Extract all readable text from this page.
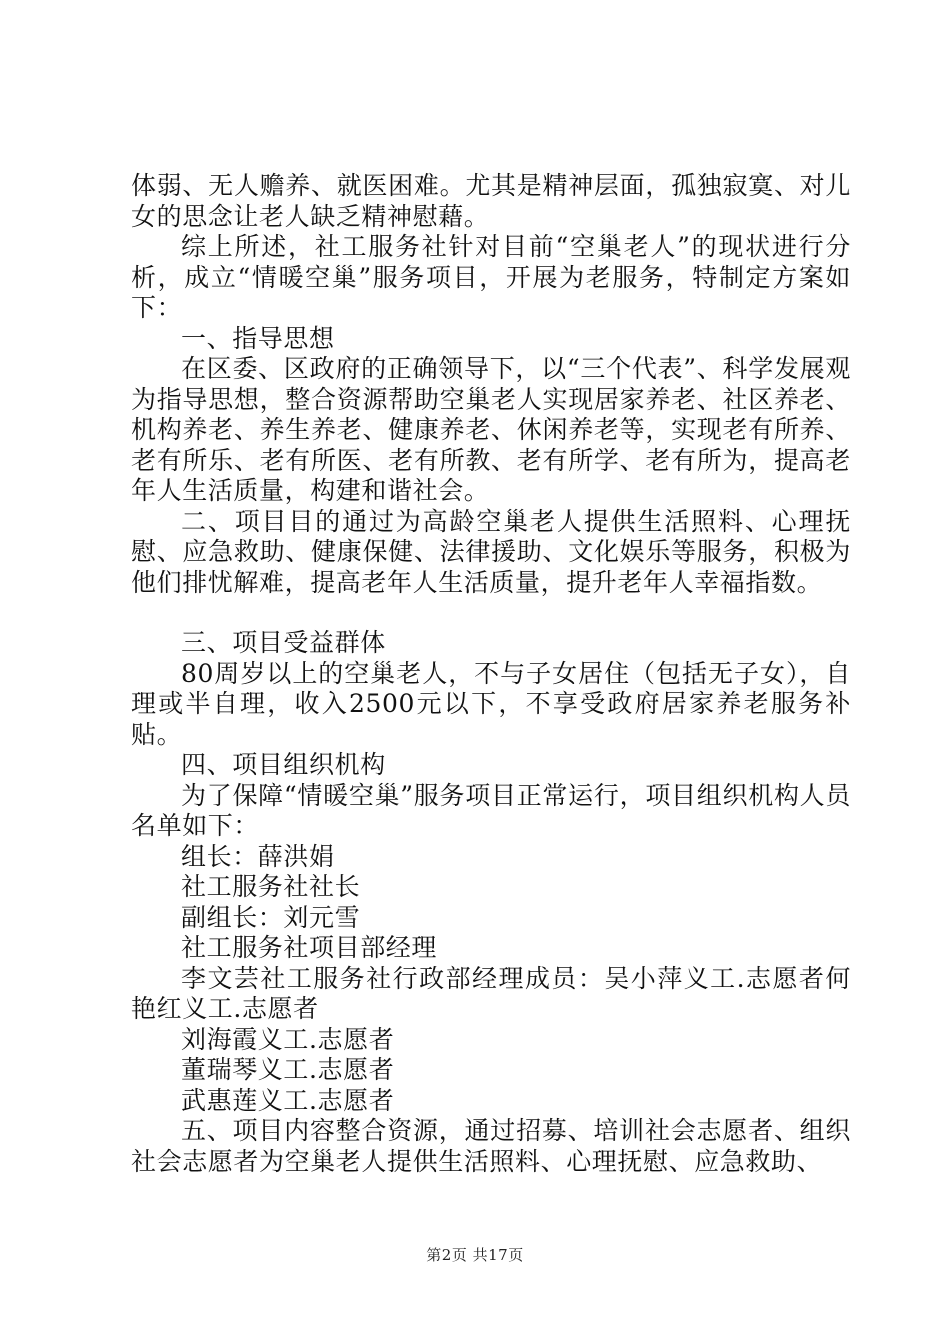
体弱、无人赡养、就医困难。尤其是精神层面，孤独寂寞、对儿女的思念让老人缺乏精神慰藉。

综上所述，社工服务社针对目前“空巢老人”的现状进行分析，成立“情暖空巢”服务项目，开展为老服务，特制定方案如下：

一、指导思想

在区委、区政府的正确领导下，以“三个代表”、科学发展观为指导思想，整合资源帮助空巢老人实现居家养老、社区养老、机构养老、养生养老、健康养老、休闲养老等，实现老有所养、老有所乐、老有所医、老有所教、老有所学、老有所为，提高老年人生活质量，构建和谐社会。

二、项目目的通过为高龄空巢老人提供生活照料、心理抚慰、应急救助、健康保健、法律援助、文化娱乐等服务，积极为他们排忧解难，提高老年人生活质量，提升老年人幸福指数。

三、项目受益群体

80周岁以上的空巢老人，不与子女居住（包括无子女），自理或半自理，收入2500元以下，不享受政府居家养老服务补贴。

四、项目组织机构

为了保障“情暖空巢”服务项目正常运行，项目组织机构人员名单如下：

组长：薛洪娟

社工服务社社长

副组长：刘元雪

社工服务社项目部经理

李文芸社工服务社行政部经理成员：吴小萍义工.志愿者何艳红义工.志愿者

刘海霞义工.志愿者

董瑞琴义工.志愿者

武惠莲义工.志愿者

五、项目内容整合资源，通过招募、培训社会志愿者、组织社会志愿者为空巢老人提供生活照料、心理抚慰、应急救助、

第2页 共17页
